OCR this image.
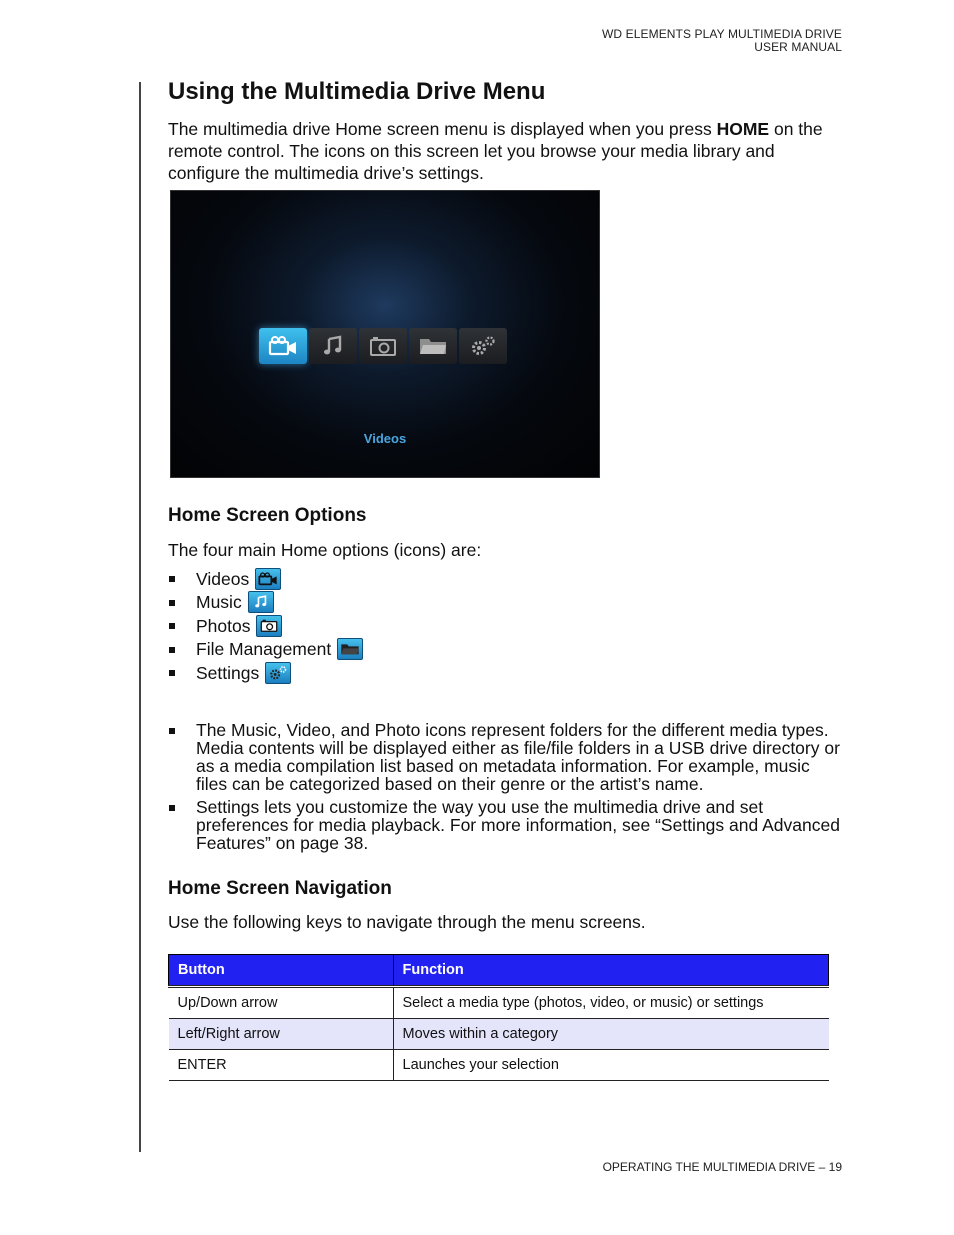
WD ELEMENTS PLAY MULTIMEDIA DRIVE
USER MANUAL
Using the Multimedia Drive Menu

The multimedia drive Home screen menu is displayed when you press HOME on the remote control. The icons on this screen let you browse your media library and configure the multimedia drive’s settings.

Videos
Home Screen Options

The four main Home options (icons) are:

Videos
Music
Photos
File Management
Settings
The Music, Video, and Photo icons represent folders for the different media types. Media contents will be displayed either as file/file folders in a USB drive directory or as a media compilation list based on metadata information. For example, music files can be categorized based on their genre or the artist’s name.
Settings lets you customize the way you use the multimedia drive and set preferences for media playback. For more information, see “Settings and Advanced Features” on page 38.
Home Screen Navigation

Use the following keys to navigate through the menu screens.

Button	Function
Up/Down arrow	Select a media type (photos, video, or music) or settings
Left/Right arrow	Moves within a category
ENTER	Launches your selection
OPERATING THE MULTIMEDIA DRIVE – 19
